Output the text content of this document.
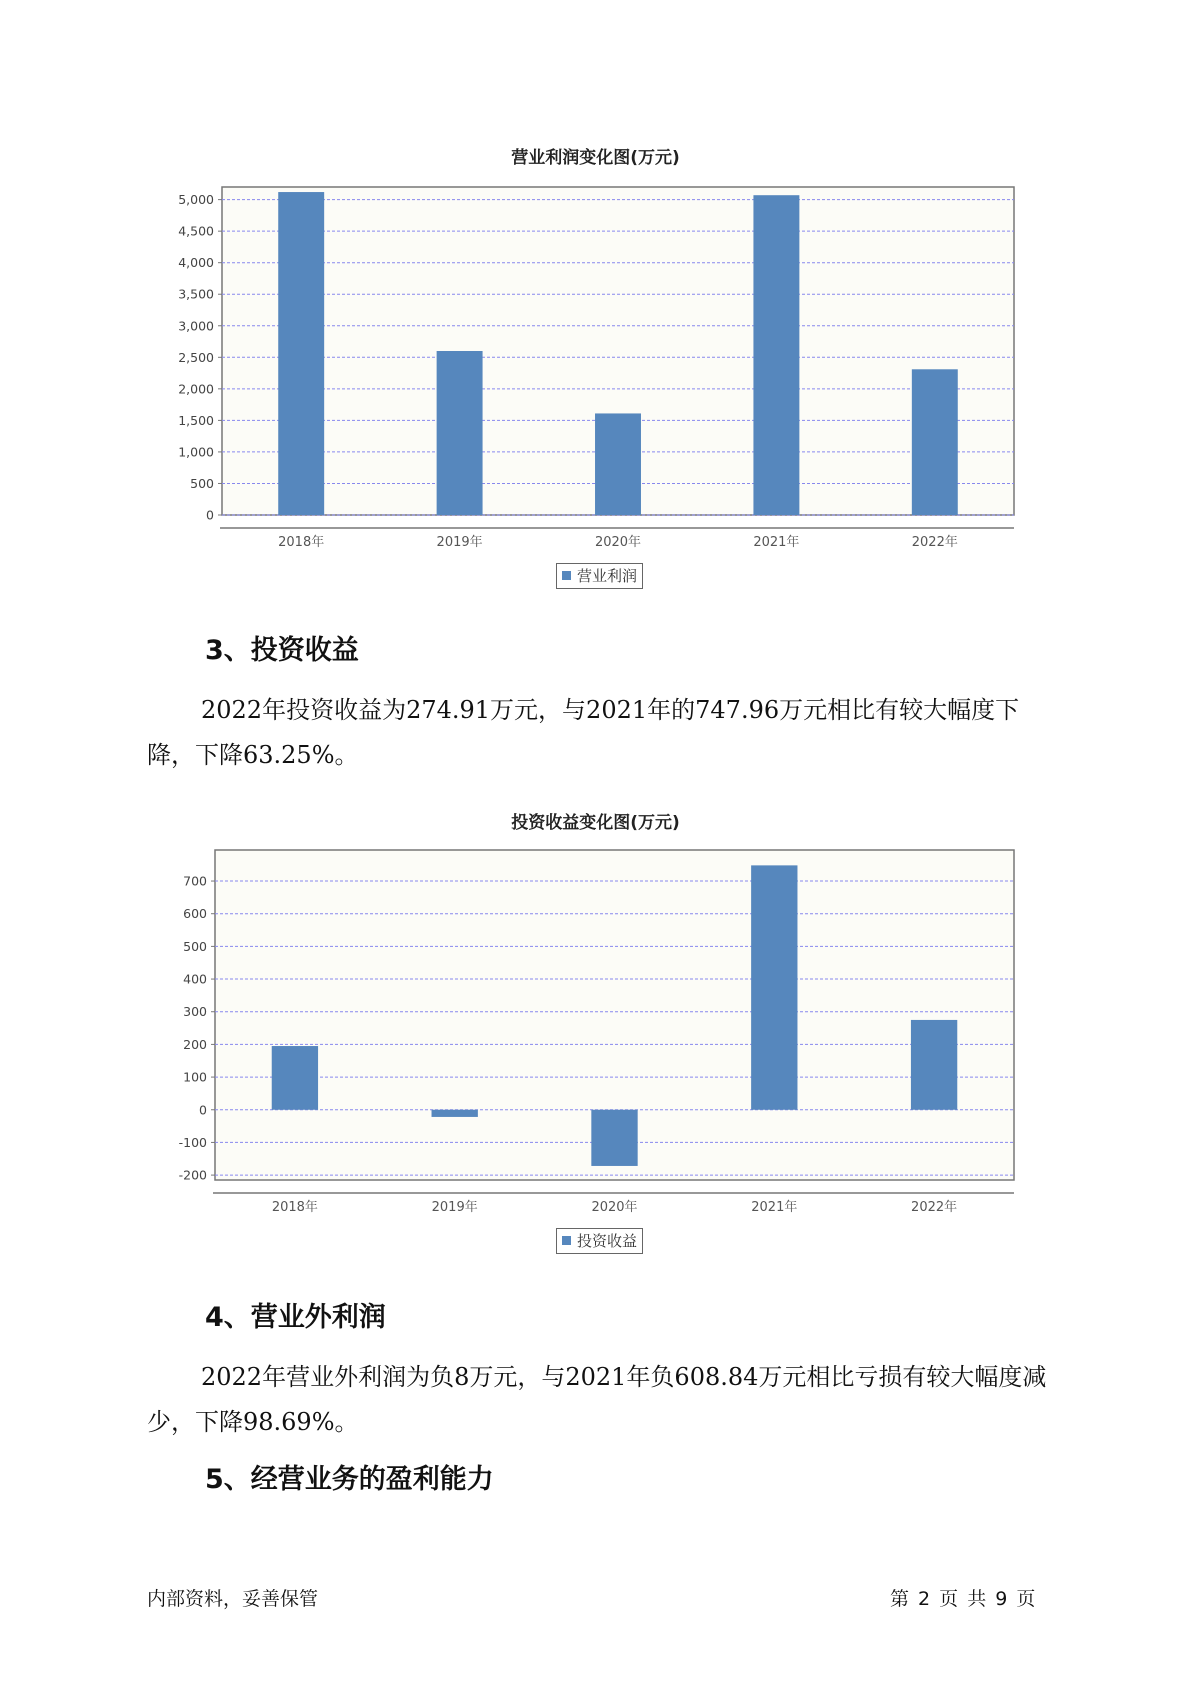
营业利润变化图(万元)
0
500
1,000
1,500
2,000
2,500
3,000
3,500
4,000
4,500
5,000
2018年	2019年	2020年	2021年	2022年
营业利润
3、投资收益
2022年投资收益为274.91万元，与2021年的747.96万元相比有较大幅度下降，下降63.25%。
投资收益变化图(万元)
-200
-100
0
100
200
300
400
500
600
700
2018年	2019年	2020年	2021年	2022年
投资收益
4、营业外利润
2022年营业外利润为负8万元，与2021年负608.84万元相比亏损有较大幅度减少，下降98.69%。
5、经营业务的盈利能力
内部资料，妥善保管	第 2 页 共 9 页
